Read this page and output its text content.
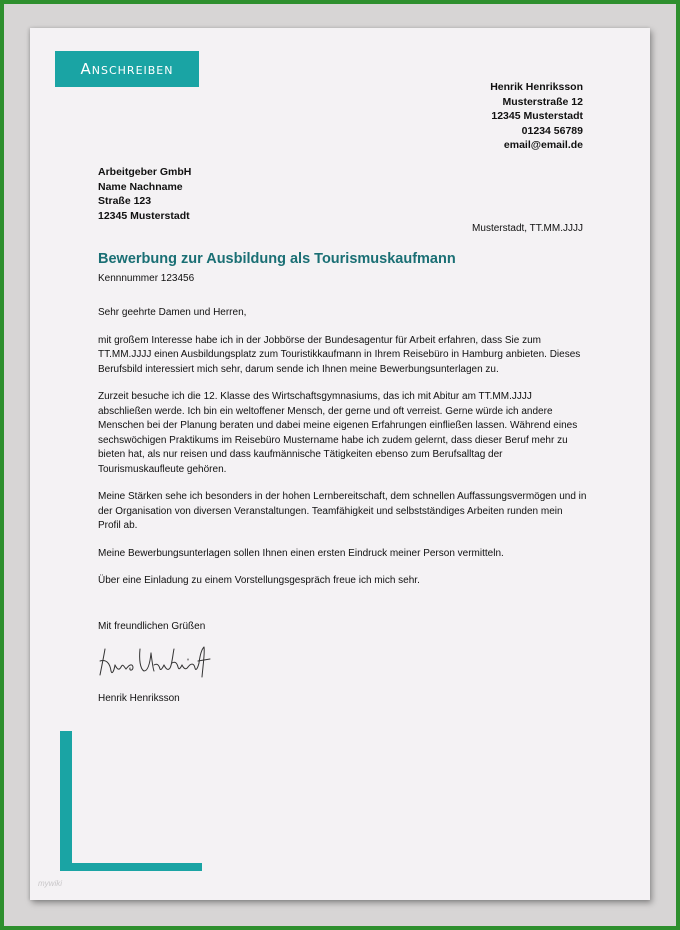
Anschreiben
Henrik Henriksson
Musterstraße 12
12345 Musterstadt
01234 56789
email@email.de
Arbeitgeber GmbH
Name Nachname
Straße 123
12345 Musterstadt
Musterstadt, TT.MM.JJJJ
Bewerbung zur Ausbildung als Tourismuskaufmann
Kennnummer 123456

Sehr geehrte Damen und Herren,

mit großem Interesse habe ich in der Jobbörse der Bundesagentur für Arbeit erfahren, dass Sie zum TT.MM.JJJJ einen Ausbildungsplatz zum Touristikkaufmann in Ihrem Reisebüro in Hamburg anbieten. Dieses Berufsbild interessiert mich sehr, darum sende ich Ihnen meine Bewerbungsunterlagen zu.

Zurzeit besuche ich die 12. Klasse des Wirtschaftsgymnasiums, das ich mit Abitur am TT.MM.JJJJ abschließen werde. Ich bin ein weltoffener Mensch, der gerne und oft verreist. Gerne würde ich andere Menschen bei der Planung beraten und dabei meine eigenen Erfahrungen einfließen lassen. Während eines sechswöchigen Praktikums im Reisebüro Mustername habe ich zudem gelernt, dass dieser Beruf mehr zu bieten hat, als nur reisen und dass kaufmännische Tätigkeiten ebenso zum Berufsalltag der Tourismuskaufleute gehören.

Meine Stärken sehe ich besonders in der hohen Lernbereitschaft, dem schnellen Auffassungsvermögen und in der Organisation von diversen Veranstaltungen. Teamfähigkeit und selbstständiges Arbeiten runden mein Profil ab.

Meine Bewerbungsunterlagen sollen Ihnen einen ersten Eindruck meiner Person vermitteln.

Über eine Einladung zu einem Vorstellungsgespräch freue ich mich sehr.

Mit freundlichen Grüßen
Henrik Henriksson
mywiki
